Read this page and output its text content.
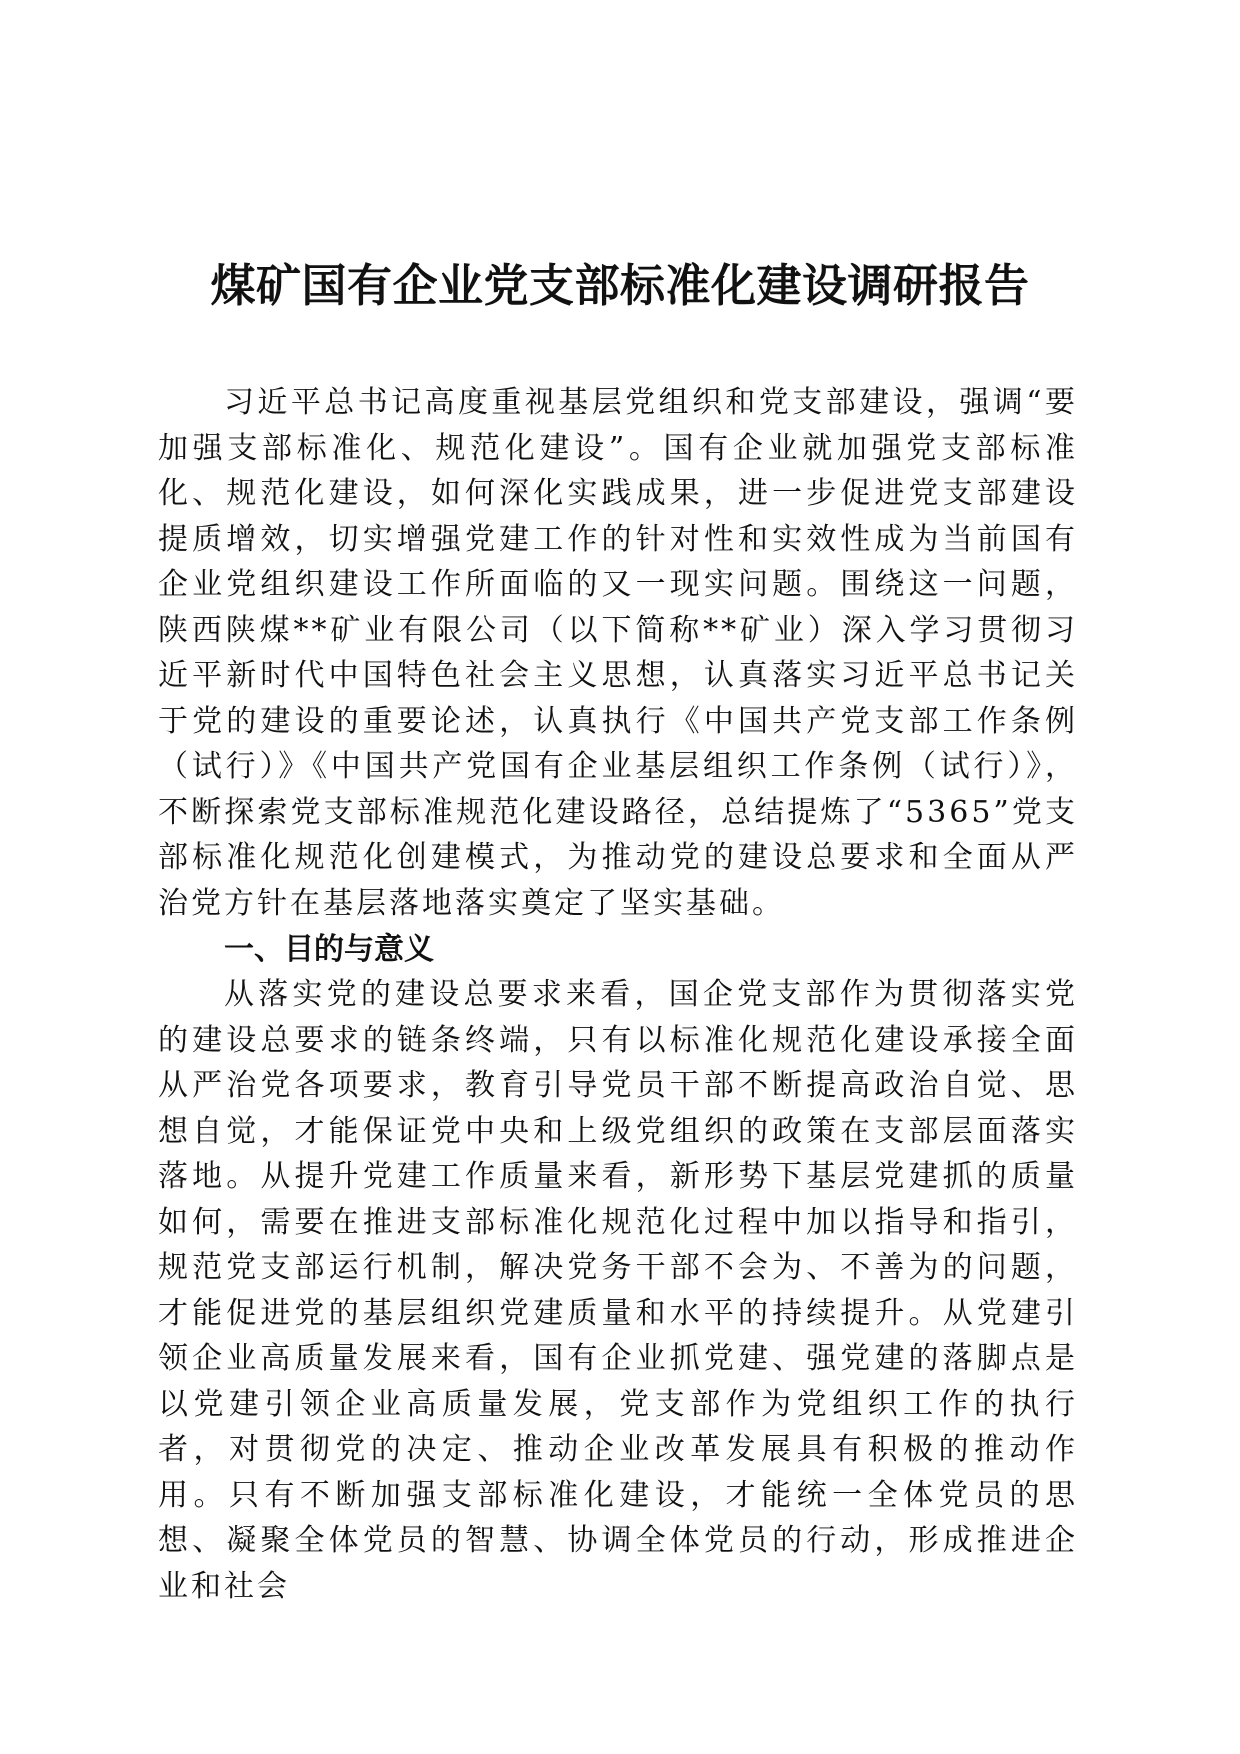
煤矿国有企业党支部标准化建设调研报告

习近平总书记高度重视基层党组织和党支部建设，强调“要加强支部标准化、规范化建设”。国有企业就加强党支部标准化、规范化建设，如何深化实践成果，进一步促进党支部建设提质增效，切实增强党建工作的针对性和实效性成为当前国有企业党组织建设工作所面临的又一现实问题。围绕这一问题，陕西陕煤**矿业有限公司（以下简称**矿业）深入学习贯彻习近平新时代中国特色社会主义思想，认真落实习近平总书记关于党的建设的重要论述，认真执行《中国共产党支部工作条例（试行）》《中国共产党国有企业基层组织工作条例（试行）》，不断探索党支部标准规范化建设路径，总结提炼了“5365”党支部标准化规范化创建模式，为推动党的建设总要求和全面从严治党方针在基层落地落实奠定了坚实基础。

一、目的与意义

从落实党的建设总要求来看，国企党支部作为贯彻落实党的建设总要求的链条终端，只有以标准化规范化建设承接全面从严治党各项要求，教育引导党员干部不断提高政治自觉、思想自觉，才能保证党中央和上级党组织的政策在支部层面落实落地。从提升党建工作质量来看，新形势下基层党建抓的质量如何，需要在推进支部标准化规范化过程中加以指导和指引，规范党支部运行机制，解决党务干部不会为、不善为的问题，才能促进党的基层组织党建质量和水平的持续提升。从党建引领企业高质量发展来看，国有企业抓党建、强党建的落脚点是以党建引领企业高质量发展，党支部作为党组织工作的执行者，对贯彻党的决定、推动企业改革发展具有积极的推动作用。只有不断加强支部标准化建设，才能统一全体党员的思想、凝聚全体党员的智慧、协调全体党员的行动，形成推进企业和社会
